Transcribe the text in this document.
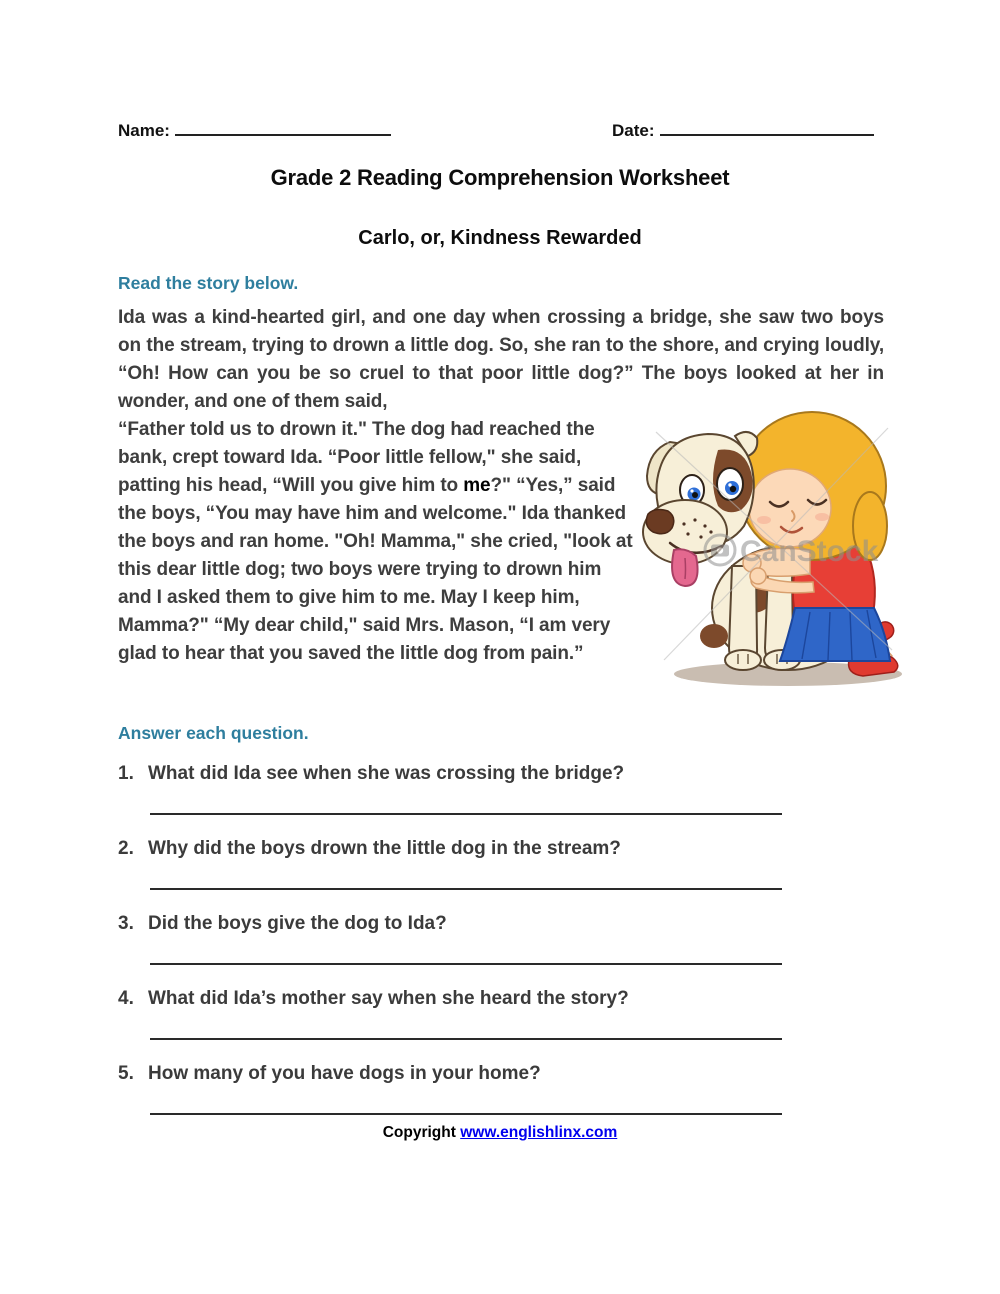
Name:	Date:
Grade 2 Reading Comprehension Worksheet
Carlo, or, Kindness Rewarded
Read the story below.

Ida was a kind-hearted girl, and one day when crossing a bridge, she saw two boys on the stream, trying to drown a little dog. So, she ran to the shore, and crying loudly, “Oh! How can you be so cruel to that poor little dog?” The boys looked at her in wonder, and one of them said,

“Father told us to drown it." The dog had reached the bank, crept toward Ida. “Poor little fellow," she said, patting his head, “Will you give him to me?" “Yes,” said the boys, “You may have him and welcome." Ida thanked the boys and ran home. "Oh! Mamma," she cried, "look at this dear little dog; two boys were trying to drown him and I asked them to give him to me. May I keep him, Mamma?" “My dear child," said Mrs. Mason, “I am very glad to hear that you saved the little dog from pain.”

CanStock
Answer each question.
1. What did Ida see when she was crossing the bridge?
2. Why did the boys drown the little dog in the stream?
3. Did the boys give the dog to Ida?
4. What did Ida’s mother say when she heard the story?
5. How many of you have dogs in your home?
Copyright www.englishlinx.com
